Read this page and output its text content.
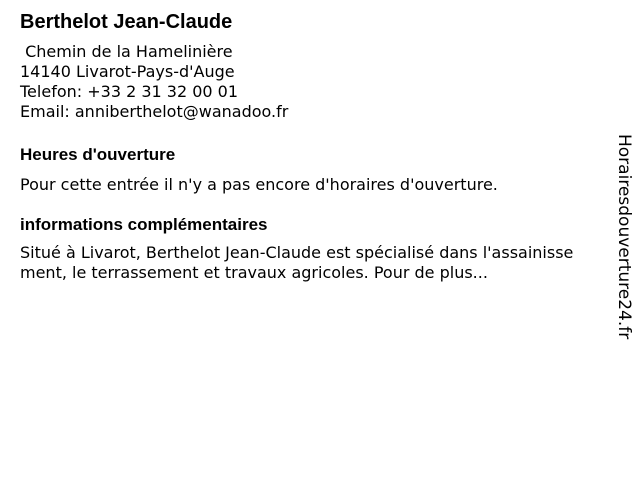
Berthelot Jean-Claude
Chemin de la Hamelinière
14140 Livarot-Pays-d'Auge
Telefon: +33 2 31 32 00 01
Email: anniberthelot@wanadoo.fr
Heures d'ouverture
Pour cette entrée il n'y a pas encore d'horaires d'ouverture.
informations complémentaires
Situé à Livarot, Berthelot Jean-Claude est spécialisé dans l'assainissement, le terrassement et travaux agricoles. Pour de plus...	Horairesdouverture24.fr
